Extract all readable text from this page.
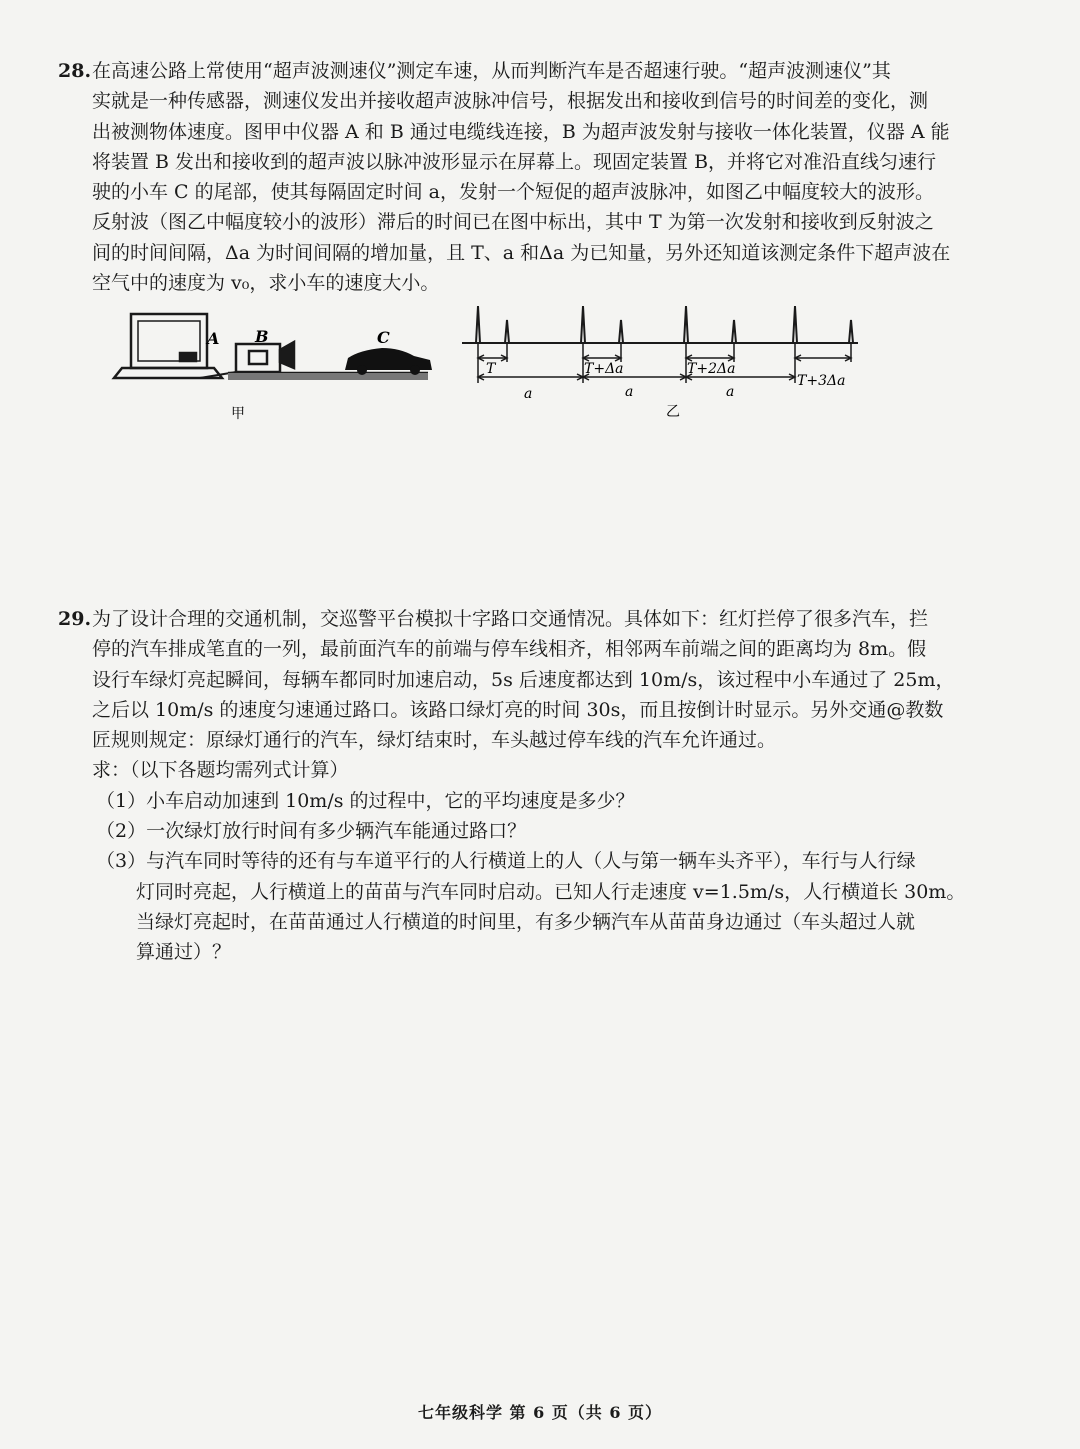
28.在高速公路上常使用“超声波测速仪”测定车速，从而判断汽车是否超速行驶。“超声波测速仪”其
实就是一种传感器，测速仪发出并接收超声波脉冲信号，根据发出和接收到信号的时间差的变化，测
出被测物体速度。图甲中仪器 A 和 B 通过电缆线连接，B 为超声波发射与接收一体化装置，仪器 A 能
将装置 B 发出和接收到的超声波以脉冲波形显示在屏幕上。现固定装置 B，并将它对准沿直线匀速行
驶的小车 C 的尾部，使其每隔固定时间 a，发射一个短促的超声波脉冲，如图乙中幅度较大的波形。
反射波（图乙中幅度较小的波形）滞后的时间已在图中标出，其中 T 为第一次发射和接收到反射波之
间的时间间隔，Δa 为时间间隔的增加量，且 T、a 和Δa 为已知量，另外还知道该测定条件下超声波在
空气中的速度为 v₀，求小车的速度大小。
A B	C
甲
T	T+Δa	T+2Δa
T+3Δa
a	a	a
乙
29.为了设计合理的交通机制，交巡警平台模拟十字路口交通情况。具体如下：红灯拦停了很多汽车，拦
停的汽车排成笔直的一列，最前面汽车的前端与停车线相齐，相邻两车前端之间的距离均为 8m。假
设行车绿灯亮起瞬间，每辆车都同时加速启动，5s 后速度都达到 10m/s，该过程中小车通过了 25m，
之后以 10m/s 的速度匀速通过路口。该路口绿灯亮的时间 30s，而且按倒计时显示。另外交通@教数
匠规则规定：原绿灯通行的汽车，绿灯结束时，车头越过停车线的汽车允许通过。
求：（以下各题均需列式计算）
（1）小车启动加速到 10m/s 的过程中，它的平均速度是多少？
（2）一次绿灯放行时间有多少辆汽车能通过路口？
（3）与汽车同时等待的还有与车道平行的人行横道上的人（人与第一辆车头齐平），车行与人行绿
灯同时亮起，人行横道上的苗苗与汽车同时启动。已知人行走速度 v=1.5m/s，人行横道长 30m。
当绿灯亮起时，在苗苗通过人行横道的时间里，有多少辆汽车从苗苗身边通过（车头超过人就
算通过）？
七年级科学 第 6 页（共 6 页）
